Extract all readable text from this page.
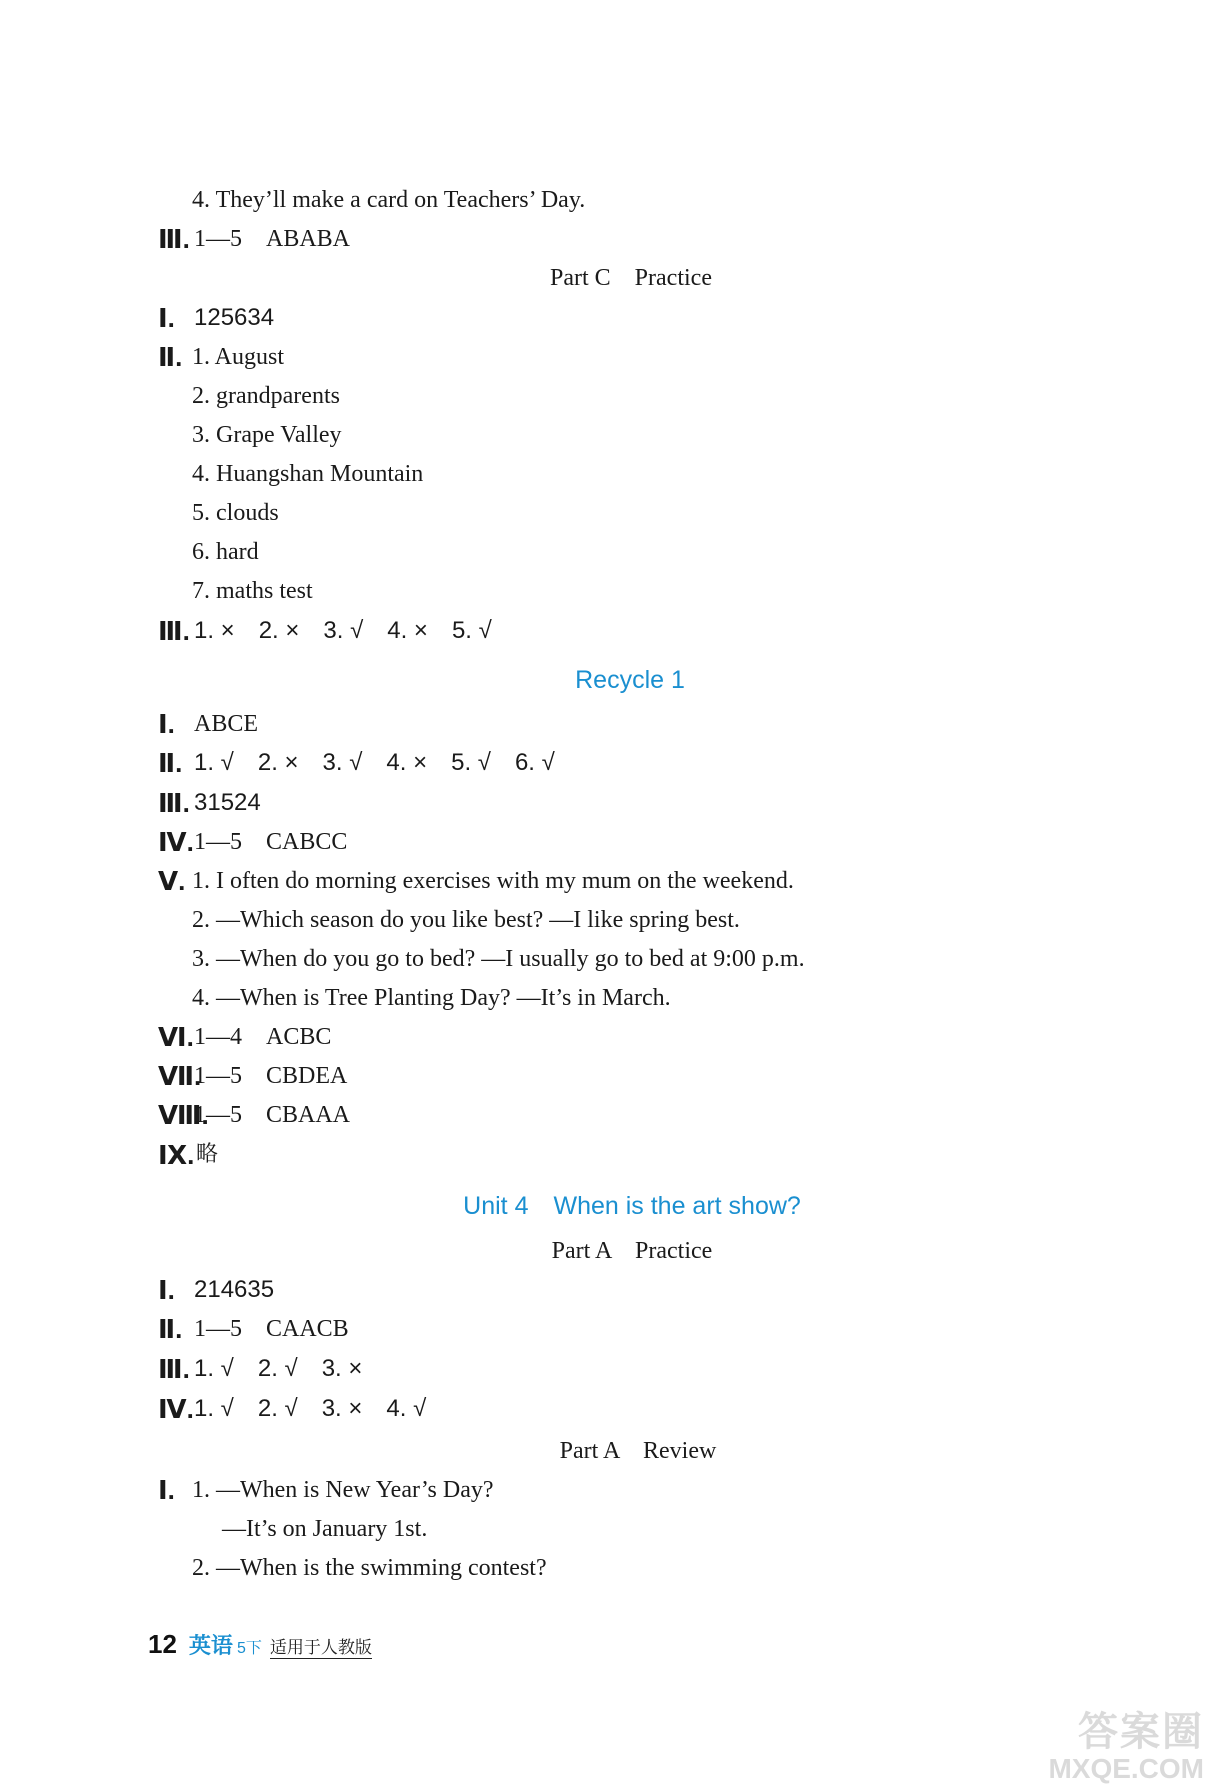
4. They’ll make a card on Teachers’ Day.
Ⅲ. 1—5　ABABA
Part C　Practice
Ⅰ. 125634
Ⅱ. 1. August
2. grandparents
3. Grape Valley
4. Huangshan Mountain
5. clouds
6. hard
7. maths test
Ⅲ. 1. ×　2. ×　3. √　4. ×　5. √
Recycle 1
Ⅰ. ABCE
Ⅱ. 1. √　2. ×　3. √　4. ×　5. √　6. √
Ⅲ. 31524
Ⅳ. 1—5　CABCC
Ⅴ. 1. I often do morning exercises with my mum on the weekend.
2. —Which season do you like best? —I like spring best.
3. —When do you go to bed? —I usually go to bed at 9:00 p.m.
4. —When is Tree Planting Day? —It’s in March.
Ⅵ. 1—4　ACBC
Ⅶ.
1—5　CBDEA
Ⅷ.
1—5　CBAAA
Ⅸ. 略
Unit 4　When is the art show?
Part A　Practice
Ⅰ. 214635
Ⅱ. 1—5　CAACB
Ⅲ. 1. √　2. √　3. ×
Ⅳ. 1. √　2. √　3. ×　4. √
Part A　Review
Ⅰ. 1. —When is New Year’s Day?
—It’s on January 1st.
2. —When is the swimming contest?
12 英语 5下 适用于人教版
答案圈
MXQE.COM
